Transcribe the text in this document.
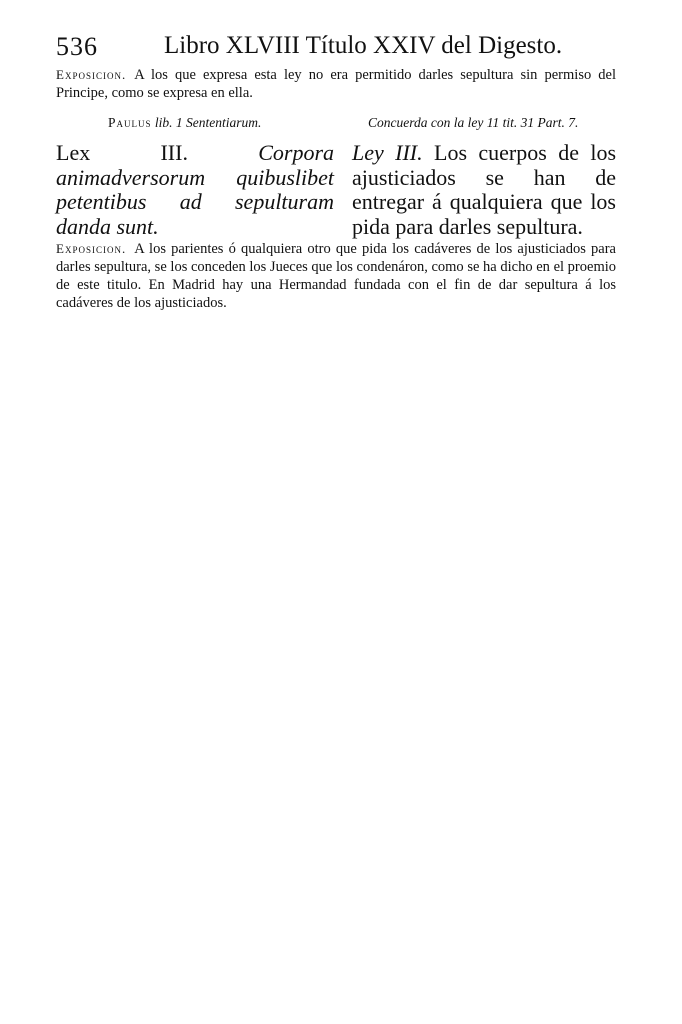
536	Libro XLVIII Título XXIV del Digesto.

Exposicion. A los que expresa esta ley no era permitido darles sepultura sin permiso del Principe, como se expresa en ella.

Paulus lib. 1 Sententiarum.	Concuerda con la ley 11 tit. 31 Part. 7.

Lex III.	Corpora animadversorum quibuslibet petentibus ad sepulturam danda sunt.

Ley III. Los cuerpos de los ajusticiados se han de entregar á qualquiera que los pida para darles sepultura.

Exposicion. A los parientes ó qualquiera otro que pida los cadáveres de los ajusticiados para darles sepultura, se los conceden los Jueces que los condenáron, como se ha dicho en el proemio de este titulo. En Madrid hay una Hermandad fundada con el fin de dar sepultura á los cadáveres de los ajusticiados.
